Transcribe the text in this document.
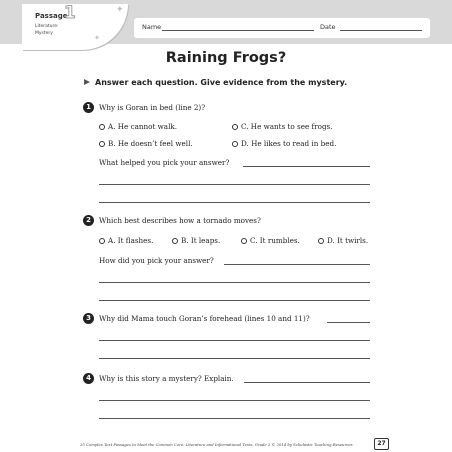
Passage
1
Literature:
Mystery
✦
✦
Name	Date
Raining Frogs?
Answer each question. Give evidence from the mystery.
1	Why is Goran in bed (line 2)?
A. He cannot walk.	C. He wants to see frogs.
B. He doesn’t feel well.	D. He likes to read in bed.
What helped you pick your answer?
2	Which best describes how a tornado moves?
A. It flashes.	B. It leaps.	C. It rumbles.	D. It twirls.
How did you pick your answer?
3	Why did Mama touch Goran’s forehead (lines 10 and 11)?
4	Why is this story a mystery? Explain.
25 Complex Text Passages to Meet the Common Core: Literature and Informational Texts, Grade 2 © 2014 by Scholastic Teaching Resources	27
